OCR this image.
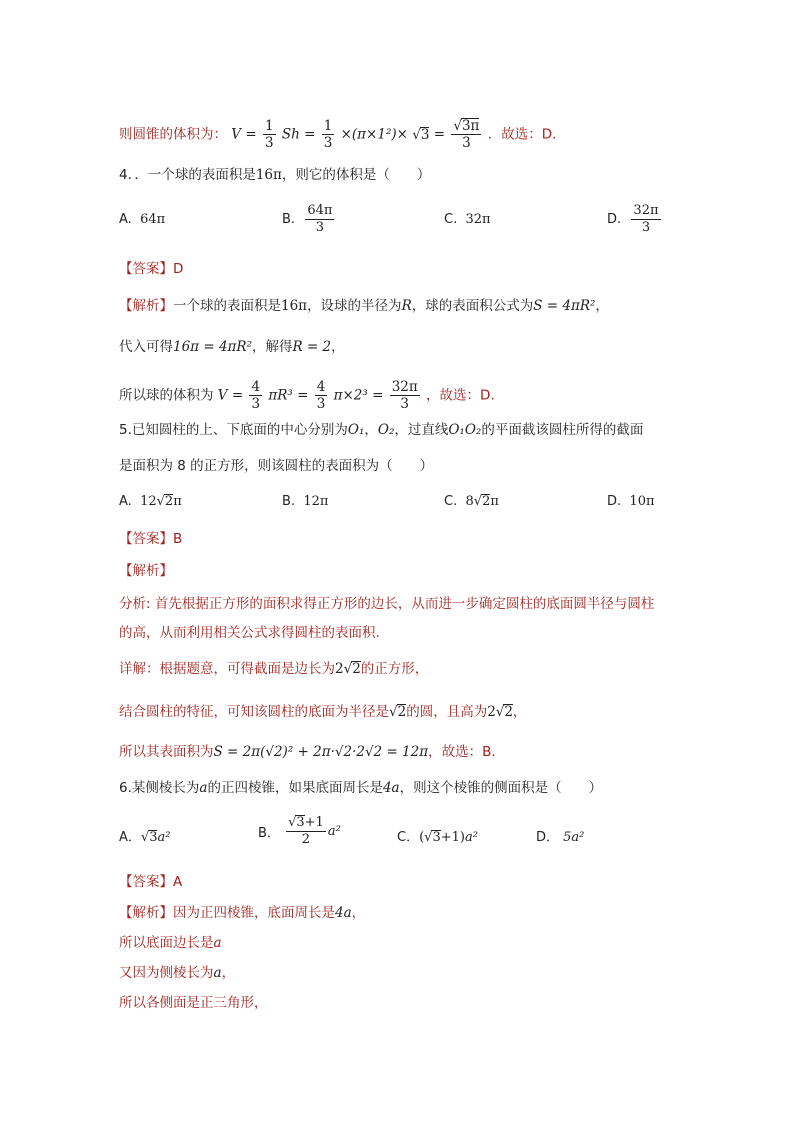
则圆锥的体积为： $V = \frac{1}{3}$ $Sh = \frac{1}{3} \times(\pi\times 1^2)\times √3 = \frac{√3\pi}{3}$ ．故选：D.
4．．一个球的表面积是16π，则它的体积是（　　）
A. 64π	B. $\frac{64\pi}{3}$	C. 32π	D. $\frac{32\pi}{3}$
【答案】D
【解析】一个球的表面积是16π，设球的半径为R，球的表面积公式为S = 4πR²，
代入可得16π = 4πR²，解得R = 2，
所以球的体积为 $V = \frac{4}{3} \pi R^3 = \frac{4}{3} \pi\times 2^3 = \frac{32\pi}{3}$ ，故选：D.
5.已知圆柱的上、下底面的中心分别为O₁，O₂，过直线O₁O₂的平面截该圆柱所得的截面
是面积为 8 的正方形，则该圆柱的表面积为（　　）
A. 12√2π	B. 12π	C. 8√2π	D. 10π
【答案】B
【解析】
分析: 首先根据正方形的面积求得正方形的边长，从而进一步确定圆柱的底面圆半径与圆柱
的高，从而利用相关公式求得圆柱的表面积.
详解：根据题意，可得截面是边长为2√2的正方形，
结合圆柱的特征，可知该圆柱的底面为半径是√2的圆，且高为2√2，
所以其表面积为S = 2π(√2)² + 2π·√2·2√2 = 12π，故选：B.
6.某侧棱长为a的正四棱锥，如果底面周长是4a，则这个棱锥的侧面积是（　　）
A．√3a²	B． $\frac{√3+1}{2} a^2$	C．(√3+1)a²	D． 5a²
【答案】A
【解析】因为正四棱锥，底面周长是4a，
所以底面边长是a
又因为侧棱长为a，
所以各侧面是正三角形，
